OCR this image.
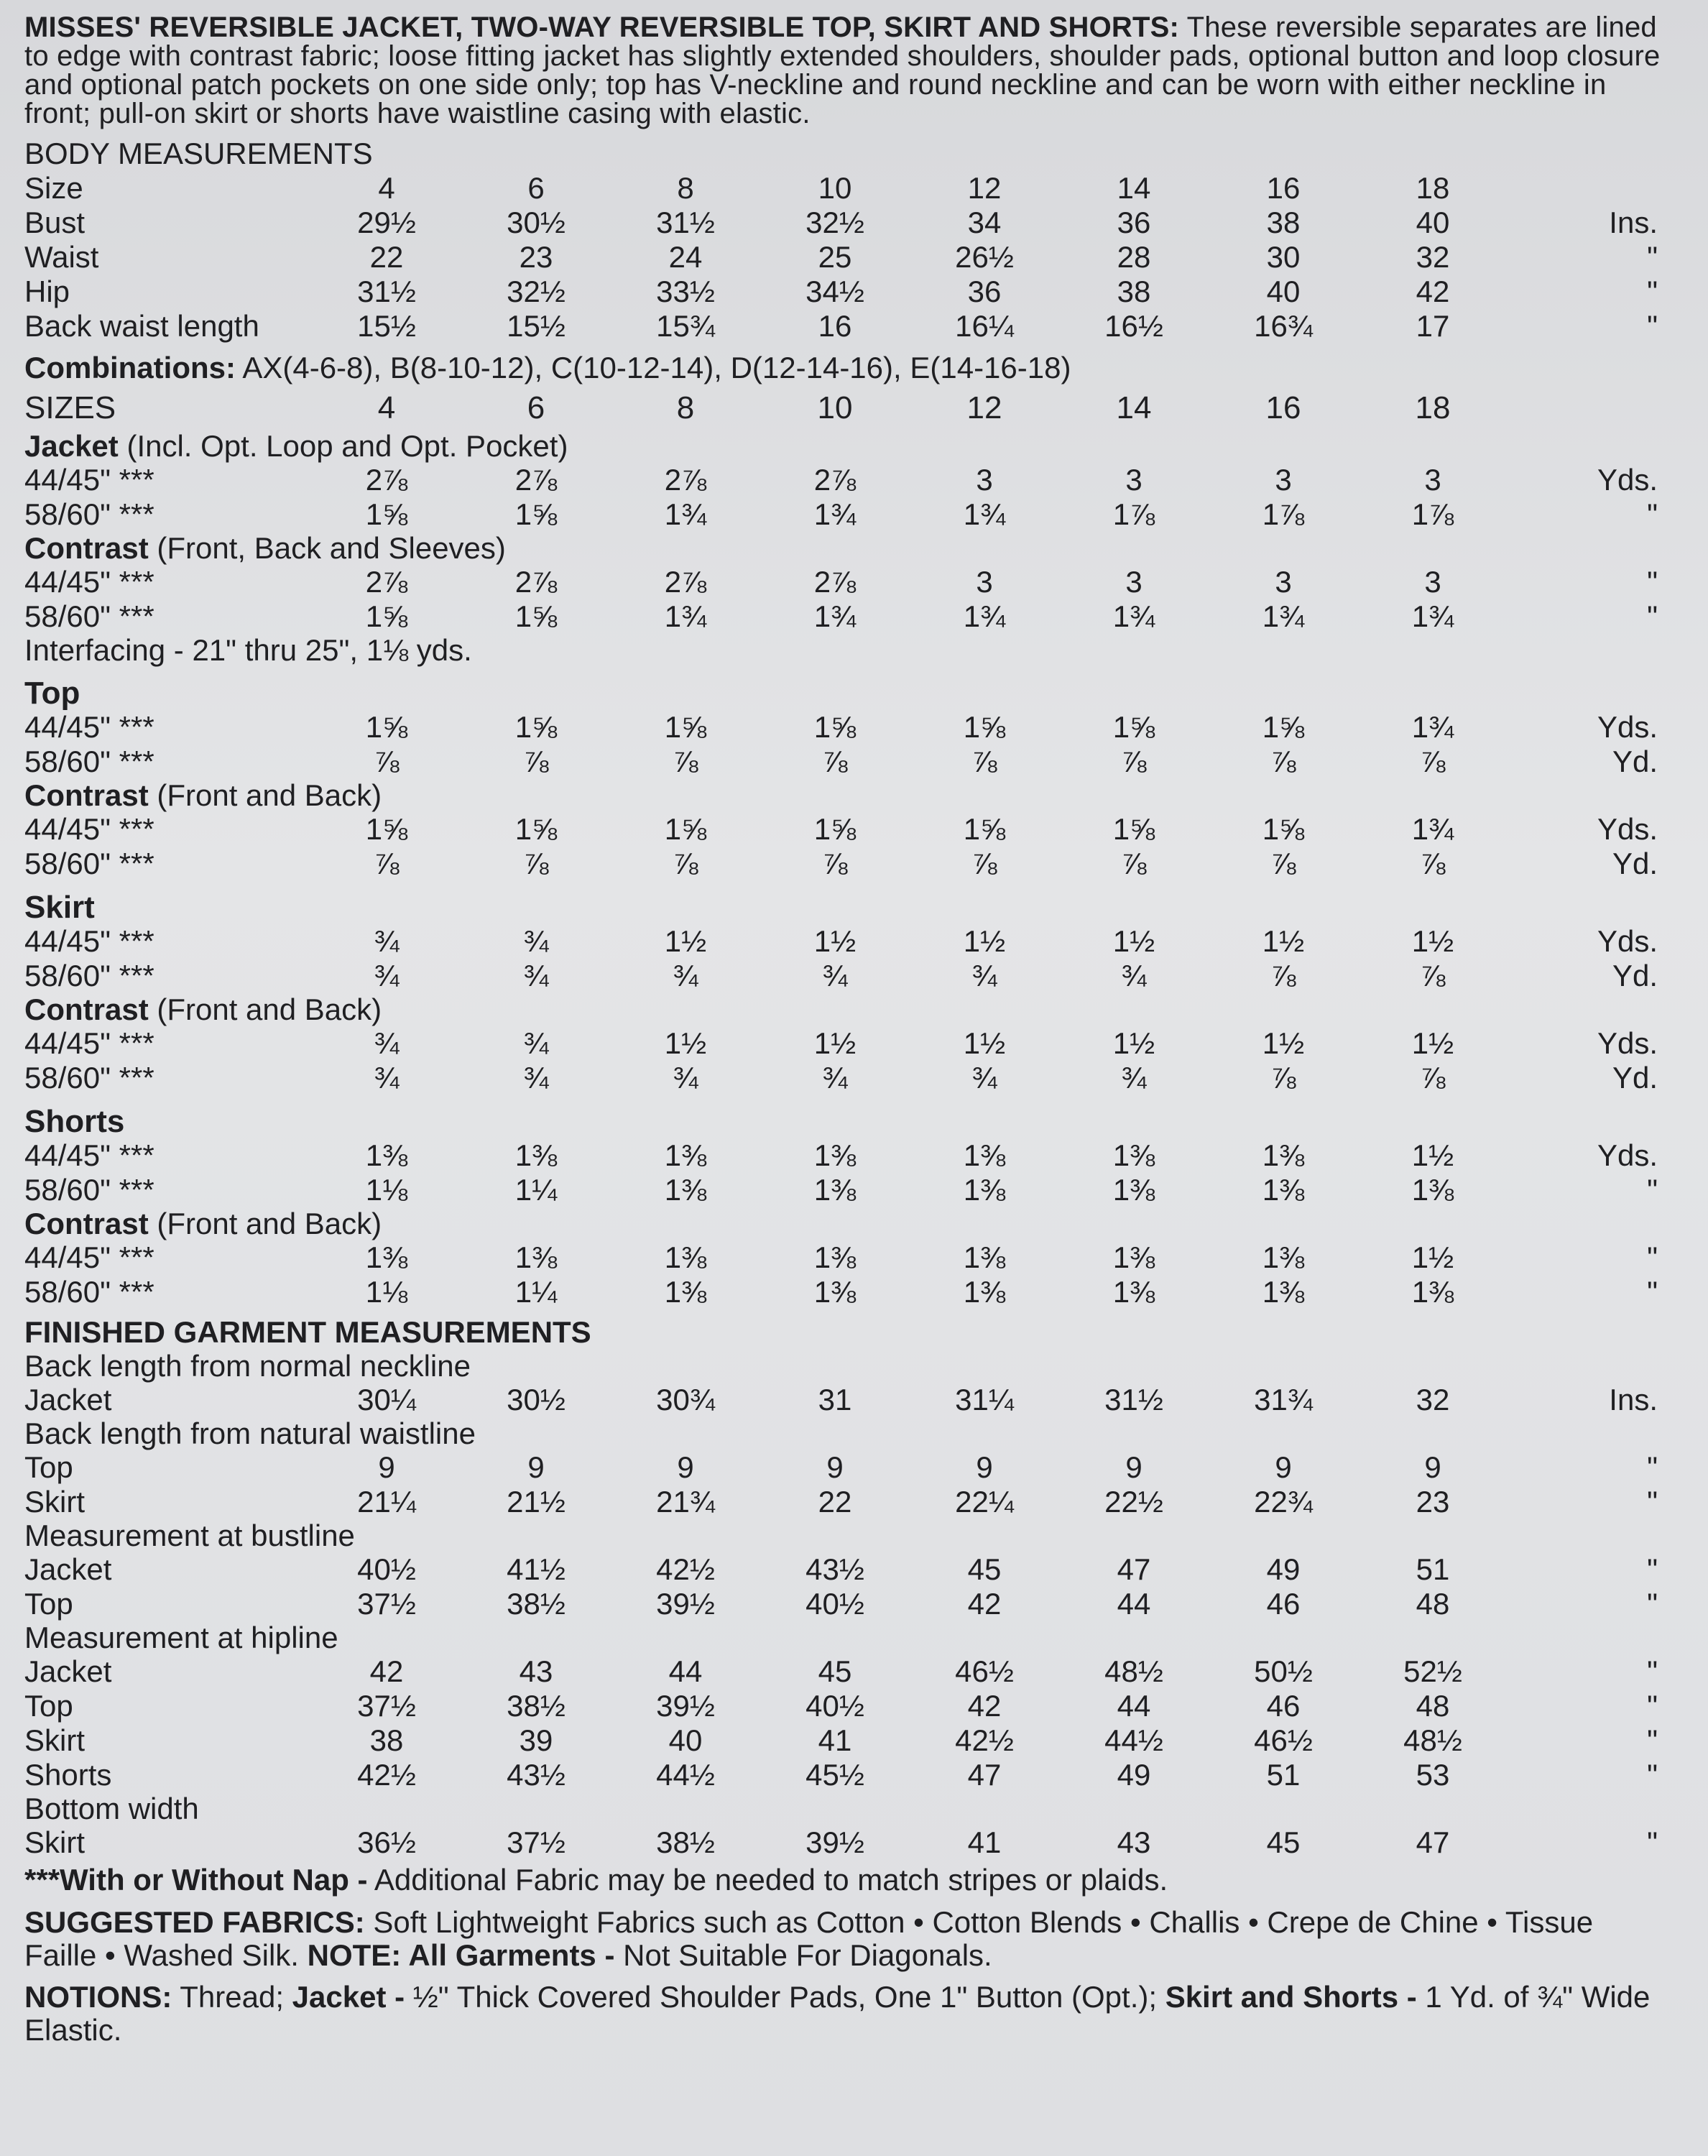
MISSES' REVERSIBLE JACKET, TWO-WAY REVERSIBLE TOP, SKIRT AND SHORTS: These reversible separates are lined to edge with contrast fabric; loose fitting jacket has slightly extended shoulders, shoulder pads, optional button and loop closure and optional patch pockets on one side only; top has V-neckline and round neckline and can be worn with either neckline in front; pull-on skirt or shorts have waistline casing with elastic.
BODY MEASUREMENTS
Size	4	6	8	10	12	14	16	18
Bust	29½	30½	31½	32½	34	36	38	40	Ins.
Waist	22	23	24	25	26½	28	30	32	"
Hip	31½	32½	33½	34½	36	38	40	42	"
Back waist length	15½	15½	15¾	16	16¼	16½	16¾	17	"
Combinations: AX(4-6-8), B(8-10-12), C(10-12-14), D(12-14-16), E(14-16-18)
SIZES	4	6	8	10	12	14	16	18
Jacket (Incl. Opt. Loop and Opt. Pocket)
44/45" ***	2⅞	2⅞	2⅞	2⅞	3	3	3	3	Yds.
58/60" ***	1⅝	1⅝	1¾	1¾	1¾	1⅞	1⅞	1⅞	"
Contrast (Front, Back and Sleeves)
44/45" ***	2⅞	2⅞	2⅞	2⅞	3	3	3	3	"
58/60" ***	1⅝	1⅝	1¾	1¾	1¾	1¾	1¾	1¾	"
Interfacing - 21" thru 25", 1⅛ yds.
Top
44/45" ***	1⅝	1⅝	1⅝	1⅝	1⅝	1⅝	1⅝	1¾	Yds.
58/60" ***	⅞	⅞	⅞	⅞	⅞	⅞	⅞	⅞	Yd.
Contrast (Front and Back)
44/45" ***	1⅝	1⅝	1⅝	1⅝	1⅝	1⅝	1⅝	1¾	Yds.
58/60" ***	⅞	⅞	⅞	⅞	⅞	⅞	⅞	⅞	Yd.
Skirt
44/45" ***	¾	¾	1½	1½	1½	1½	1½	1½	Yds.
58/60" ***	¾	¾	¾	¾	¾	¾	⅞	⅞	Yd.
Contrast (Front and Back)
44/45" ***	¾	¾	1½	1½	1½	1½	1½	1½	Yds.
58/60" ***	¾	¾	¾	¾	¾	¾	⅞	⅞	Yd.
Shorts
44/45" ***	1⅜	1⅜	1⅜	1⅜	1⅜	1⅜	1⅜	1½	Yds.
58/60" ***	1⅛	1¼	1⅜	1⅜	1⅜	1⅜	1⅜	1⅜	"
Contrast (Front and Back)
44/45" ***	1⅜	1⅜	1⅜	1⅜	1⅜	1⅜	1⅜	1½	"
58/60" ***	1⅛	1¼	1⅜	1⅜	1⅜	1⅜	1⅜	1⅜	"
FINISHED GARMENT MEASUREMENTS
Back length from normal neckline
Jacket	30¼	30½	30¾	31	31¼	31½	31¾	32	Ins.
Back length from natural waistline
Top	9	9	9	9	9	9	9	9	"
Skirt	21¼	21½	21¾	22	22¼	22½	22¾	23	"
Measurement at bustline
Jacket	40½	41½	42½	43½	45	47	49	51	"
Top	37½	38½	39½	40½	42	44	46	48	"
Measurement at hipline
Jacket	42	43	44	45	46½	48½	50½	52½	"
Top	37½	38½	39½	40½	42	44	46	48	"
Skirt	38	39	40	41	42½	44½	46½	48½	"
Shorts	42½	43½	44½	45½	47	49	51	53	"
Bottom width
Skirt	36½	37½	38½	39½	41	43	45	47	"
***With or Without Nap - Additional Fabric may be needed to match stripes or plaids.
SUGGESTED FABRICS: Soft Lightweight Fabrics such as Cotton • Cotton Blends • Challis • Crepe de Chine • Tissue Faille • Washed Silk. NOTE: All Garments - Not Suitable For Diagonals.
NOTIONS: Thread; Jacket - ½" Thick Covered Shoulder Pads, One 1" Button (Opt.); Skirt and Shorts - 1 Yd. of ¾" Wide Elastic.
